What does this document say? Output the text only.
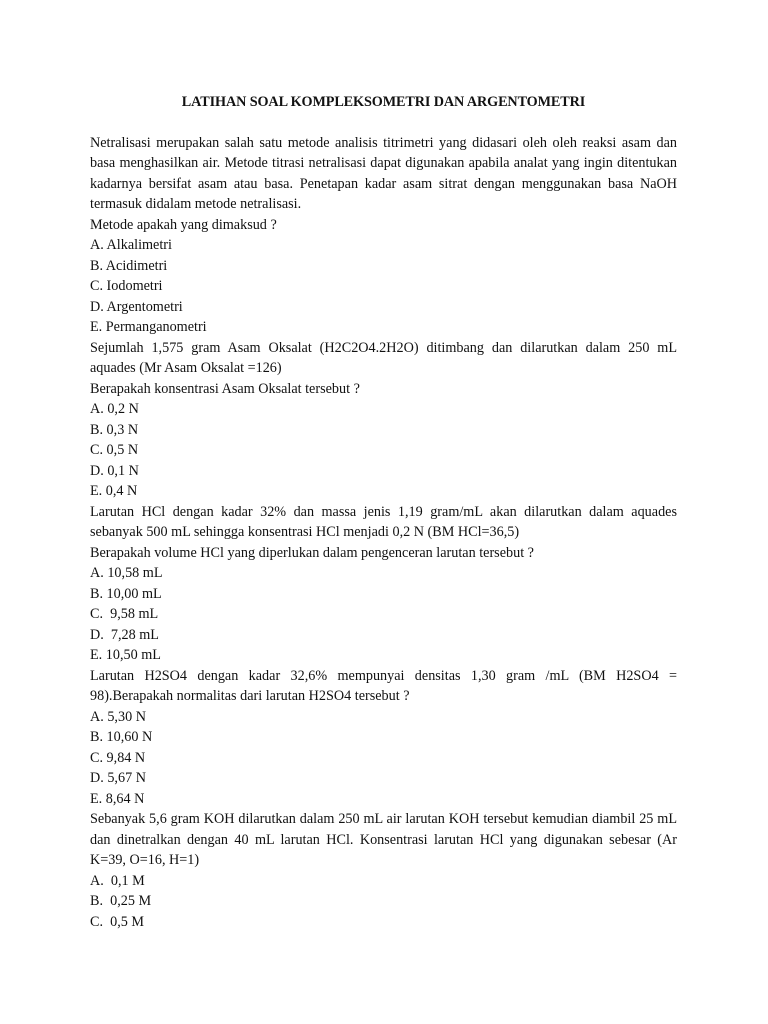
LATIHAN SOAL KOMPLEKSOMETRI DAN ARGENTOMETRI

Netralisasi merupakan salah satu metode analisis titrimetri yang didasari oleh oleh reaksi asam dan basa menghasilkan air. Metode titrasi netralisasi dapat digunakan apabila analat yang ingin ditentukan kadarnya bersifat asam atau basa. Penetapan kadar asam sitrat dengan menggunakan basa NaOH termasuk didalam metode netralisasi.

Metode apakah yang dimaksud ?

A. Alkalimetri

B. Acidimetri

C. Iodometri

D. Argentometri

E. Permanganometri

Sejumlah 1,575 gram Asam Oksalat (H2C2O4.2H2O) ditimbang dan dilarutkan dalam 250 mL aquades (Mr Asam Oksalat =126)

Berapakah konsentrasi Asam Oksalat tersebut ?

A. 0,2 N

B. 0,3 N

C. 0,5 N

D. 0,1 N

E. 0,4 N

Larutan HCl dengan kadar 32% dan massa jenis 1,19 gram/mL akan dilarutkan dalam aquades sebanyak 500 mL sehingga konsentrasi HCl menjadi 0,2 N (BM HCl=36,5)

Berapakah volume HCl yang diperlukan dalam pengenceran larutan tersebut ?

A. 10,58 mL

B. 10,00 mL

C.  9,58 mL

D.  7,28 mL

E. 10,50 mL

Larutan H2SO4 dengan kadar 32,6% mempunyai densitas 1,30 gram /mL (BM H2SO4 = 98).Berapakah normalitas dari larutan H2SO4 tersebut ?

A. 5,30 N

B. 10,60 N

C. 9,84 N

D. 5,67 N

E. 8,64 N

Sebanyak 5,6 gram KOH dilarutkan dalam 250 mL air larutan KOH tersebut kemudian diambil 25 mL dan dinetralkan dengan 40 mL larutan HCl. Konsentrasi larutan HCl yang digunakan sebesar (Ar K=39, O=16, H=1)

A.  0,1 M

B.  0,25 M

C.  0,5 M
